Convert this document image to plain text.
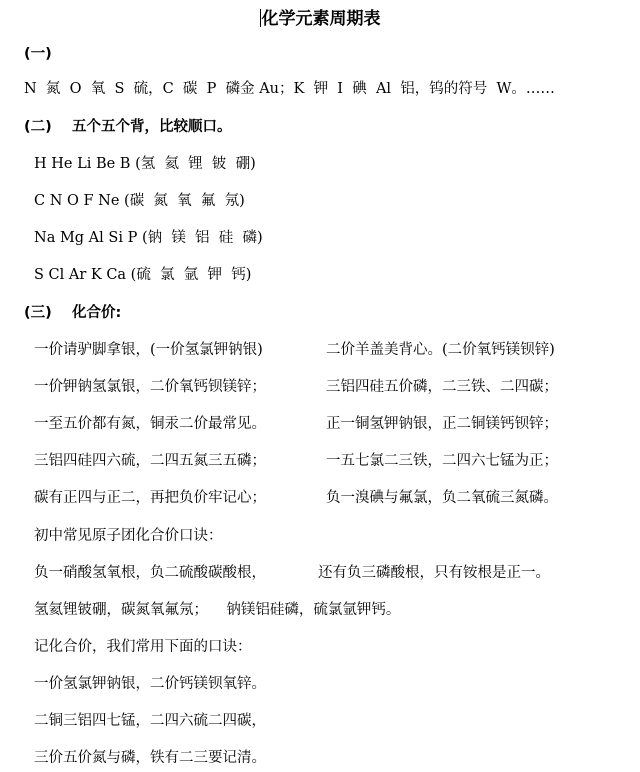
化学元素周期表
(一)
N  氮  O  氧  S  硫，C  碳  P  磷金 Au；K  钾  I  碘  Al  铝，钨的符号  W。……
(二)    五个五个背，比较顺口。
H He Li Be B (氢  氦  锂  铍  硼)
C N O F Ne (碳  氮  氧  氟  氖)
Na Mg Al Si P (钠  镁  铝  硅  磷)
S Cl Ar K Ca (硫  氯  氩  钾  钙)
(三)    化合价:
一价请驴脚拿银，(一价氢氯钾钠银)	二价羊盖美背心。(二价氧钙镁钡锌)
一价钾钠氢氯银，二价氧钙钡镁锌；	三铝四硅五价磷，二三铁、二四碳；
一至五价都有氮，铜汞二价最常见。	正一铜氢钾钠银，正二铜镁钙钡锌；
三铝四硅四六硫，二四五氮三五磷；	一五七氯二三铁，二四六七锰为正；
碳有正四与正二，再把负价牢记心；	负一溴碘与氟氯，负二氧硫三氮磷。
初中常见原子团化合价口诀：
负一硝酸氢氧根，负二硫酸碳酸根，	还有负三磷酸根，只有铵根是正一。
氢氦锂铍硼，碳氮氧氟氖；    钠镁铝硅磷，硫氯氩钾钙。
记化合价，我们常用下面的口诀：
一价氢氯钾钠银，二价钙镁钡氧锌。
二铜三铝四七锰，二四六硫二四碳，
三价五价氮与磷，铁有二三要记清。
